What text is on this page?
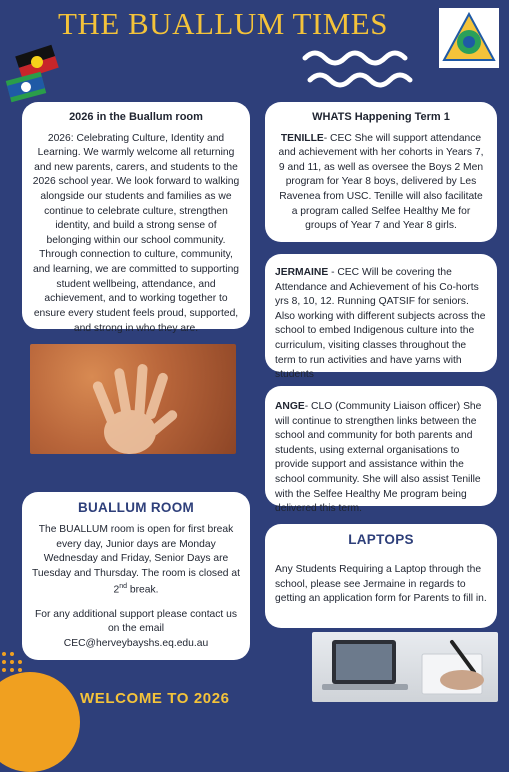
THE BUALLUM TIMES
2026 in the Buallum room
2026: Celebrating Culture, Identity and Learning. We warmly welcome all returning and new parents, carers, and students to the 2026 school year. We look forward to walking alongside our students and families as we continue to celebrate culture, strengthen identity, and build a strong sense of belonging within our school community. Through connection to culture, community, and learning, we are committed to supporting student wellbeing, attendance, and achievement, and to working together to ensure every student feels proud, supported, and strong in who they are.
WHATS Happening Term 1
TENILLE- CEC She will support attendance and achievement with her cohorts in Years 7, 9 and 11, as well as oversee the Boys 2 Men program for Year 8 boys, delivered by Les Ravenea from USC. Tenille will also facilitate a program called Selfee Healthy Me for groups of Year 7 and Year 8 girls.
JERMAINE - CEC Will be covering the Attendance and Achievement of his Co-horts yrs 8, 10, 12. Running QATSIF for seniors. Also working with different subjects across the school to embed Indigenous culture into the curriculum, visiting classes throughout the term to run activities and have yarns with students
ANGE- CLO (Community Liaison officer) She will continue to strengthen links between the school and community for both parents and students, using external organisations to provide support and assistance within the school community. She will also assist Tenille with the Selfee Healthy Me program being delivered this term.
BUALLUM ROOM
The BUALLUM room is open for first break every day, Junior days are Monday Wednesday and Friday, Senior Days are Tuesday and Thursday. The room is closed at 2nd break.
For any additional support please contact us on the email
CEC@herveybayshs.eq.edu.au
LAPTOPS
Any Students Requiring a Laptop through the school, please see Jermaine in regards to getting an application form for Parents to fill in.
WELCOME TO 2026
